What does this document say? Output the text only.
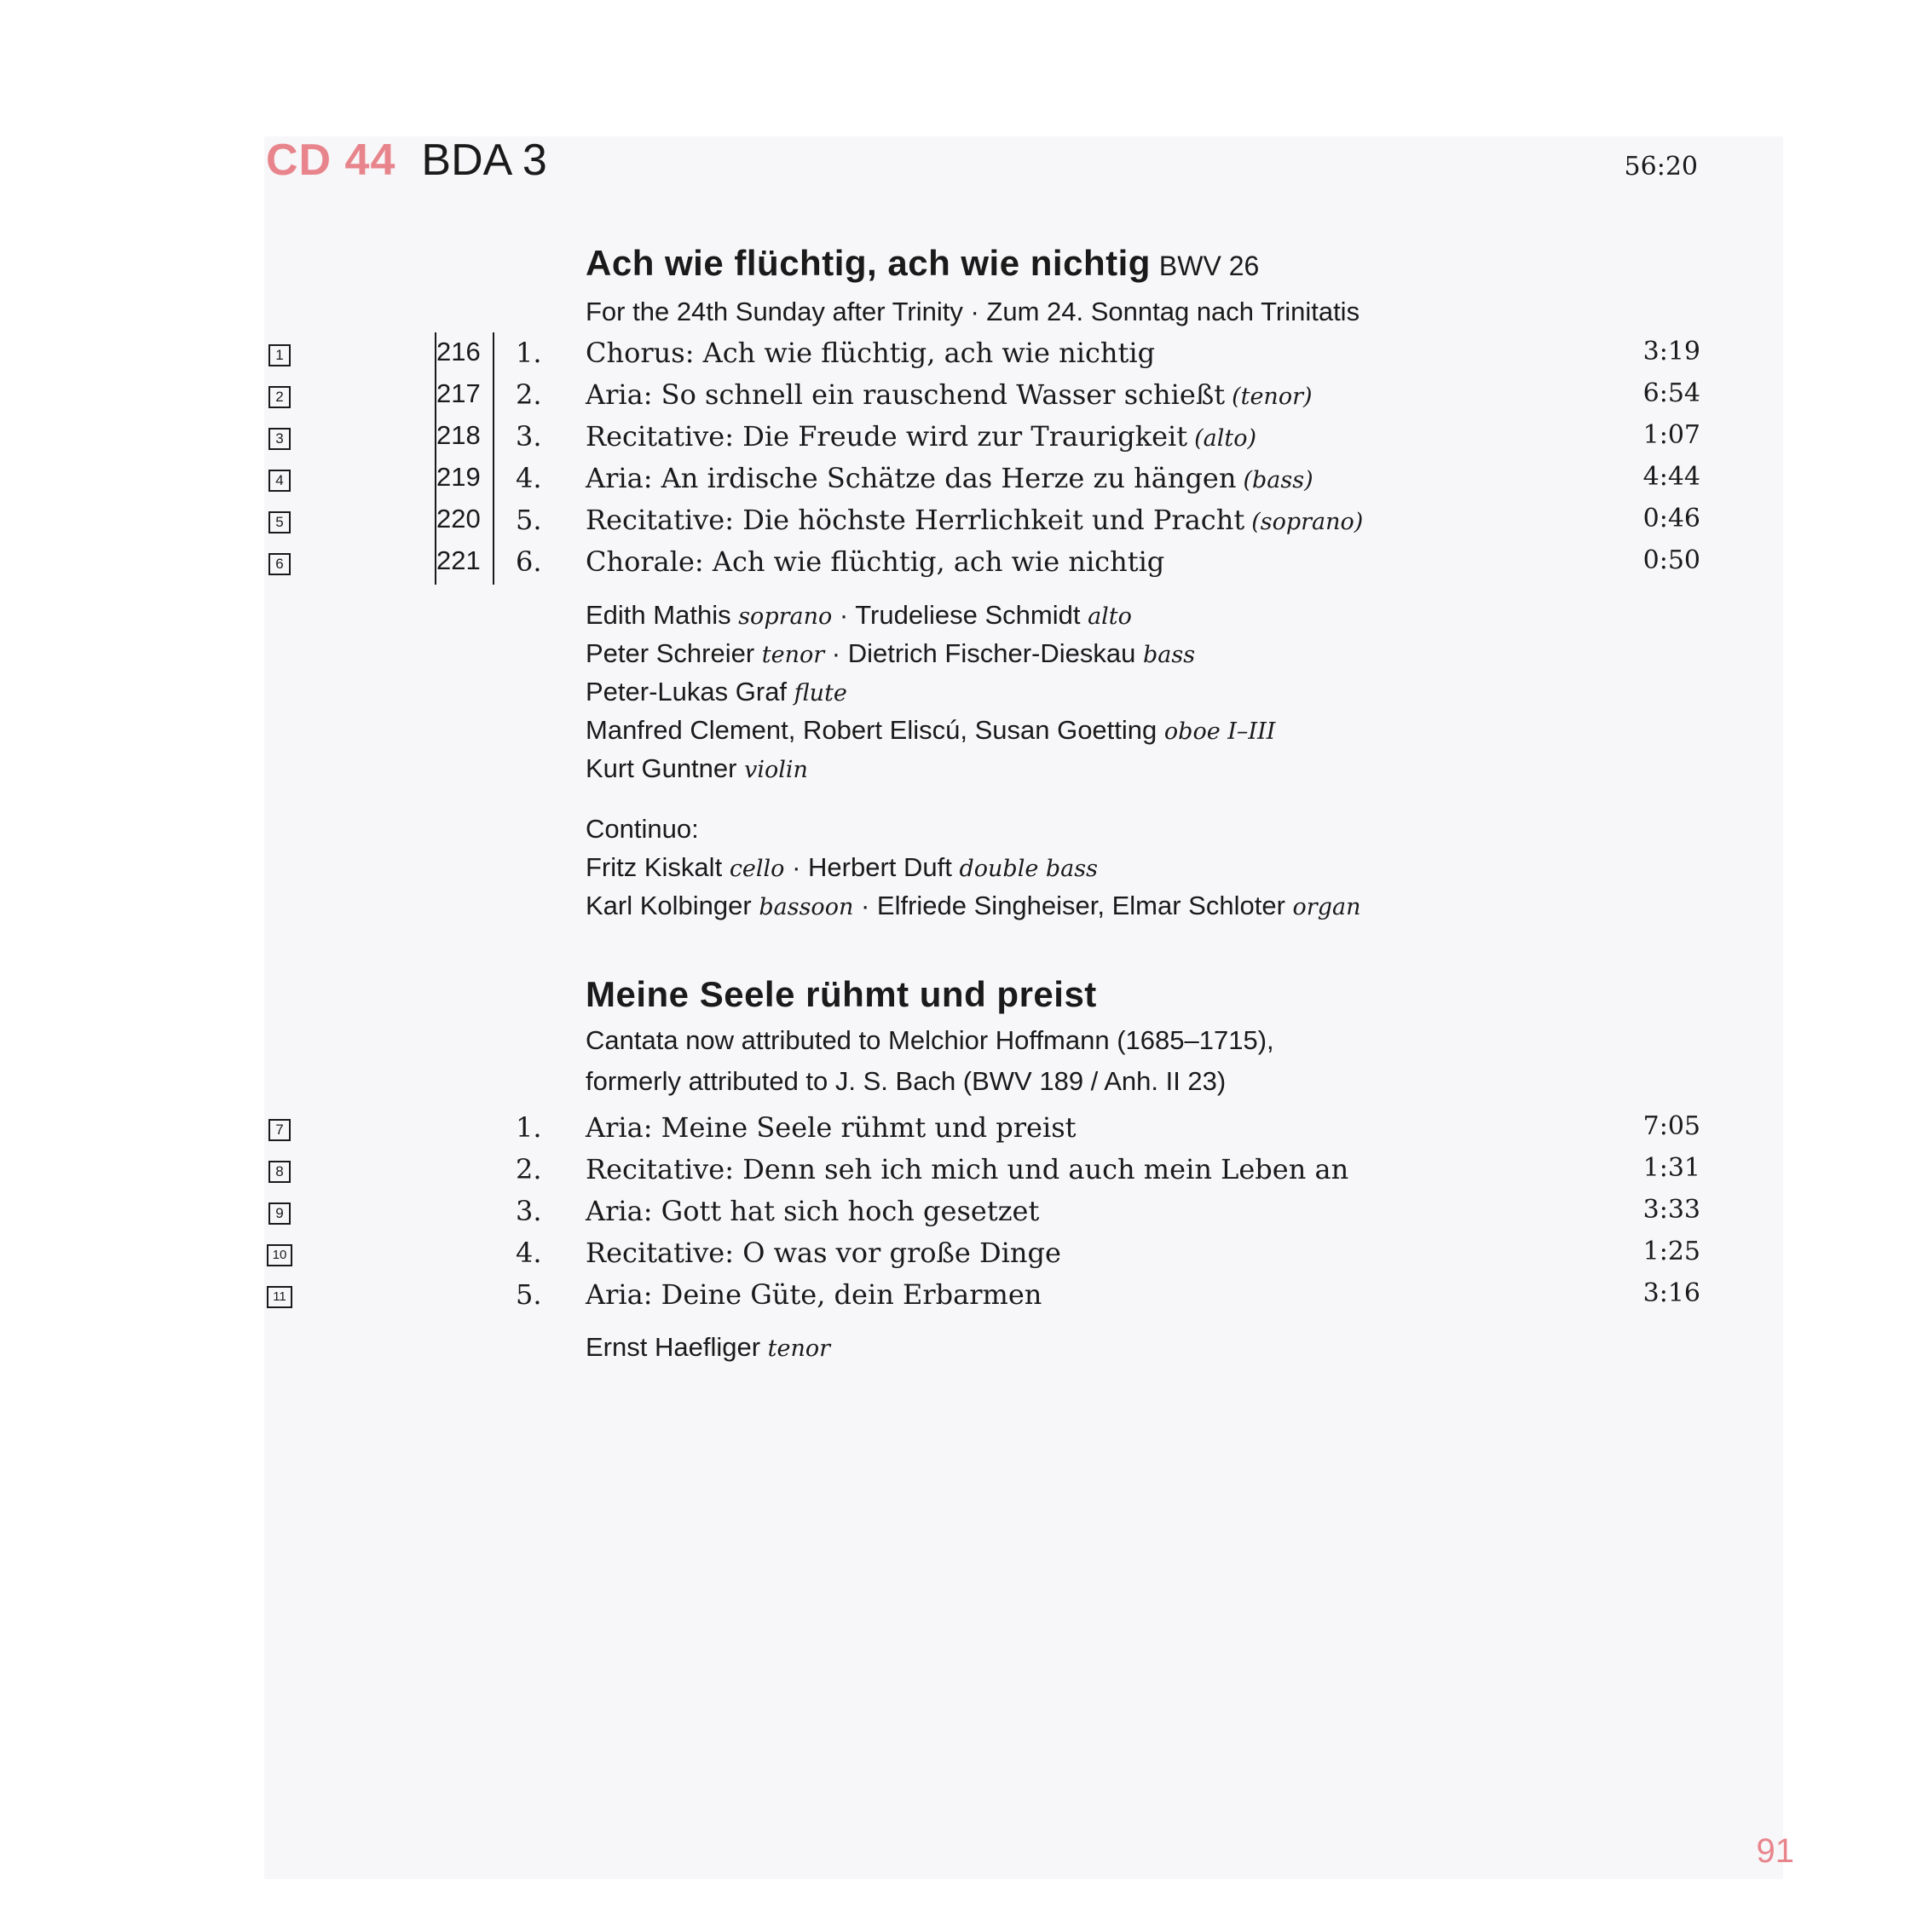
CD 44 BDA 3	56:20
Ach wie flüchtig, ach wie nichtig BWV 26
For the 24th Sunday after Trinity · Zum 24. Sonntag nach Trinitatis
1	216 1. Chorus: Ach wie flüchtig, ach wie nichtig	3:19
2	217 2. Aria: So schnell ein rauschend Wasser schießt (tenor)	6:54
3	218 3. Recitative: Die Freude wird zur Traurigkeit (alto)	1:07
4	219 4. Aria: An irdische Schätze das Herze zu hängen (bass)	4:44
5	220 5. Recitative: Die höchste Herrlichkeit und Pracht (soprano)	0:46
6	221 6. Chorale: Ach wie flüchtig, ach wie nichtig	0:50
Edith Mathis soprano · Trudeliese Schmidt alto
Peter Schreier tenor · Dietrich Fischer-Dieskau bass
Peter-Lukas Graf flute
Manfred Clement, Robert Eliscú, Susan Goetting oboe I–III
Kurt Guntner violin
Continuo:
Fritz Kiskalt cello · Herbert Duft double bass
Karl Kolbinger bassoon · Elfriede Singheiser, Elmar Schloter organ
Meine Seele rühmt und preist
Cantata now attributed to Melchior Hoffmann (1685–1715),
formerly attributed to J. S. Bach (BWV 189 / Anh. II 23)
7	1. Aria: Meine Seele rühmt und preist	7:05
8	2. Recitative: Denn seh ich mich und auch mein Leben an	1:31
9	3. Aria: Gott hat sich hoch gesetzet	3:33
10	4. Recitative: O was vor große Dinge	1:25
11	5. Aria: Deine Güte, dein Erbarmen	3:16
Ernst Haefliger tenor
91
